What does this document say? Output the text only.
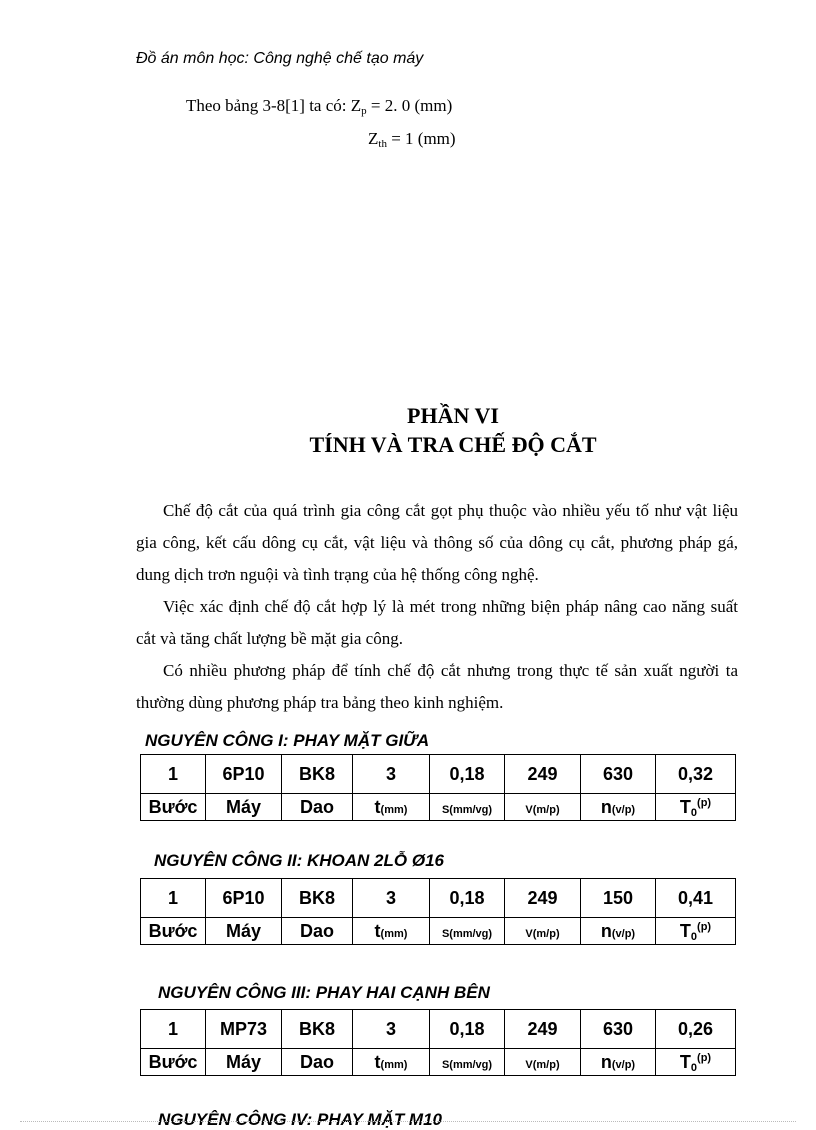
Đồ án môn học: Công nghệ chế tạo máy
Theo bảng 3-8[1] ta có: $Z_p = 2$. 0 (mm)
$Z_{th} = 1$ (mm)
PHẦN VI
TÍNH VÀ TRA CHẾ ĐỘ CẮT
Chế độ cắt của quá trình gia công cắt gọt phụ thuộc vào nhiều yếu tố như vật liệu gia công, kết cấu dông cụ cắt, vật liệu và thông số của dông cụ cắt, phương pháp gá, dung dịch trơn nguội và tình trạng của hệ thống công nghệ.
Việc xác định chế độ cắt hợp lý là mét trong những biện pháp nâng cao năng suất cắt và tăng chất lượng bề mặt gia công.
Có nhiều phương pháp để tính chế độ cắt nhưng trong thực tế sản xuất người ta thường dùng phương pháp tra bảng theo kinh nghiệm.
NGUYÊN CÔNG I: PHAY MẶT GIỮA
1	6P10	BK8	3	0,18	249	630	0,32
Bước	Máy	Dao	t(mm)	S(mm/vg)	V(m/p)	n(v/p)	$T_0^{(p)}$
NGUYÊN CÔNG II: KHOAN 2LỖ Ø16
1	6P10	BK8	3	0,18	249	150	0,41
Bước	Máy	Dao	t(mm)	S(mm/vg)	V(m/p)	n(v/p)	$T_0^{(p)}$
NGUYÊN CÔNG III: PHAY HAI CẠNH BÊN
1	MP73	BK8	3	0,18	249	630	0,26
Bước	Máy	Dao	t(mm)	S(mm/vg)	V(m/p)	n(v/p)	$T_0^{(p)}$
NGUYÊN CÔNG IV: PHAY MẶT M10
